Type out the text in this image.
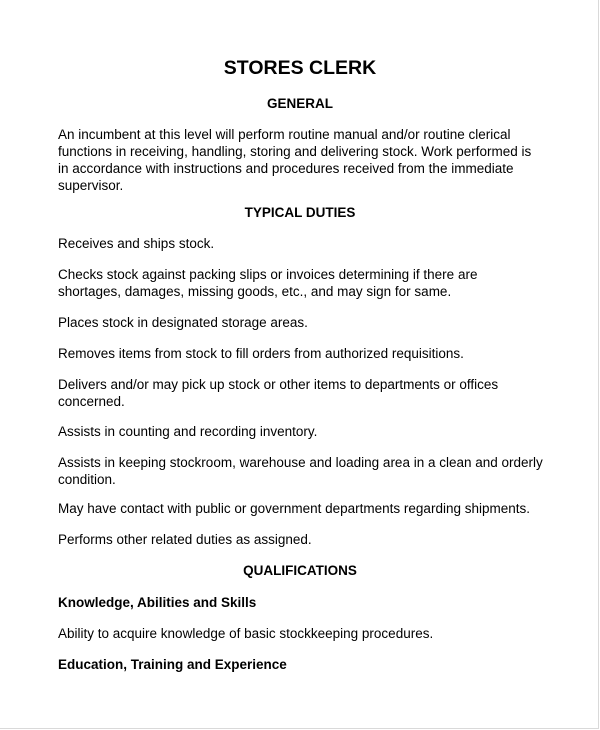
STORES CLERK
GENERAL

An incumbent at this level will perform routine manual and/or routine clerical
functions in receiving, handling, storing and delivering stock. Work performed is
in accordance with instructions and procedures received from the immediate
supervisor.

TYPICAL DUTIES

Receives and ships stock.

Checks stock against packing slips or invoices determining if there are
shortages, damages, missing goods, etc., and may sign for same.

Places stock in designated storage areas.

Removes items from stock to fill orders from authorized requisitions.

Delivers and/or may pick up stock or other items to departments or offices
concerned.

Assists in counting and recording inventory.

Assists in keeping stockroom, warehouse and loading area in a clean and orderly
condition.

May have contact with public or government departments regarding shipments.

Performs other related duties as assigned.

QUALIFICATIONS

Knowledge, Abilities and Skills

Ability to acquire knowledge of basic stockkeeping procedures.

Education, Training and Experience
